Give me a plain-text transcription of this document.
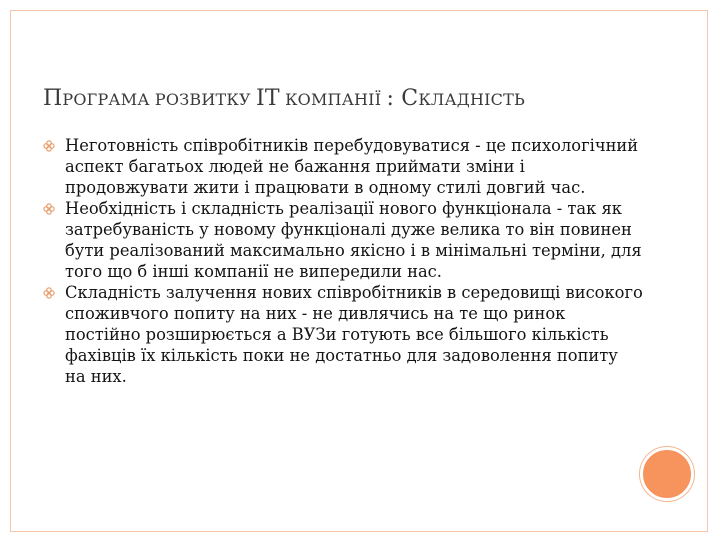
ПРОГРАМА РОЗВИТКУ IT КОМПАНІЇ : СКЛАДНІСТЬ
Неготовність співробітників перебудовуватися - це психологічний аспект багатьох людей не бажання приймати зміни і продовжувати жити і працювати в одному стилі довгий час.
Необхідність і складність реалізації нового функціонала - так як затребуваність у новому функціоналі дуже велика то він повинен бути реалізований максимально якісно і в мінімальні терміни, для того що б інші компанії не випередили нас.
Складність залучення нових співробітників в середовищі високого споживчого попиту на них - не дивлячись на те що ринок постійно розширюється а ВУЗи готують все більшого кількість фахівців їх кількість поки не достатньо для задоволення попиту на них.
